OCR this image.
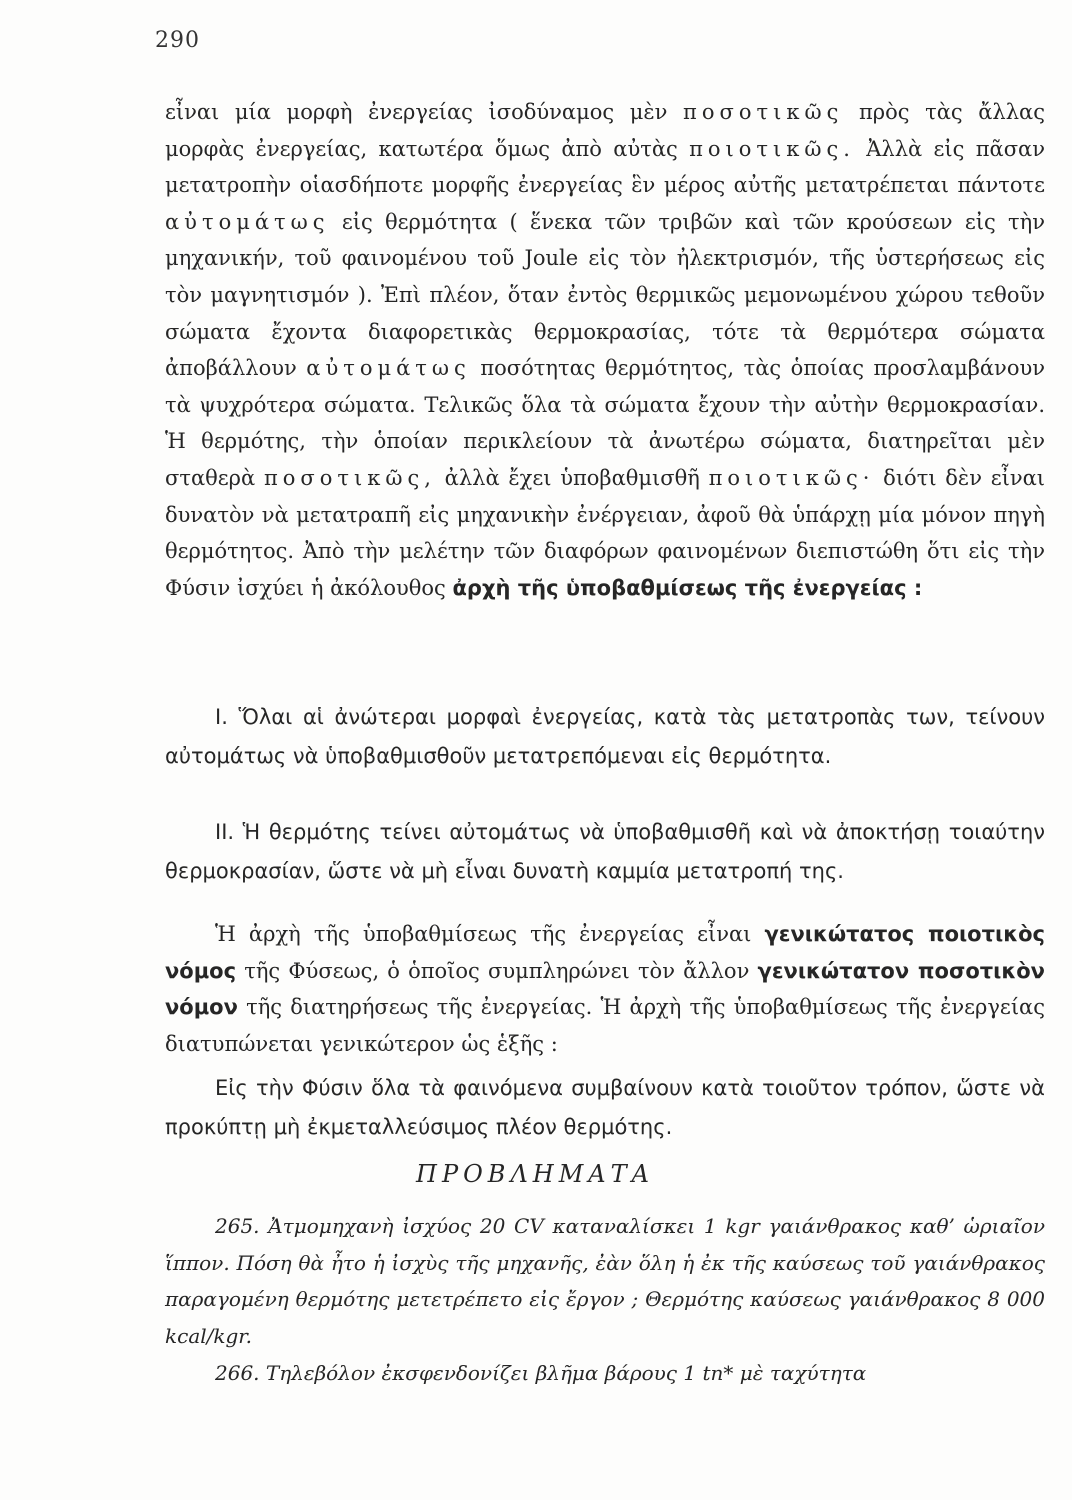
290

εἶναι μία μορφὴ ἐνεργείας ἰσοδύναμος μὲν ποσοτικῶς πρὸς τὰς ἄλλας μορφὰς ἐνεργείας, κατωτέρα ὅμως ἀπὸ αὐτὰς ποιοτικῶς. Ἀλλὰ εἰς πᾶσαν μετατροπὴν οἱασδήποτε μορφῆς ἐνεργείας ἓν μέρος αὐτῆς μετατρέπεται πάντοτε αὐτομάτως εἰς θερμότητα ( ἕνεκα τῶν τριβῶν καὶ τῶν κρούσεων εἰς τὴν μηχανικήν, τοῦ φαινομένου τοῦ Joule εἰς τὸν ἠλεκτρισμόν, τῆς ὑστερήσεως εἰς τὸν μαγνητισμόν ). Ἐπὶ πλέον, ὅταν ἐντὸς θερμικῶς μεμονωμένου χώρου τεθοῦν σώματα ἔχοντα διαφορετικὰς θερμοκρασίας, τότε τὰ θερμότερα σώματα ἀποβάλλουν αὐτομάτως ποσότητας θερμότητος, τὰς ὁποίας προσλαμβάνουν τὰ ψυχρότερα σώματα. Τελικῶς ὅλα τὰ σώματα ἔχουν τὴν αὐτὴν θερμοκρασίαν. Ἡ θερμότης, τὴν ὁποίαν περικλείουν τὰ ἀνωτέρω σώματα, διατηρεῖται μὲν σταθερὰ ποσοτικῶς, ἀλλὰ ἔχει ὑποβαθμισθῆ ποιοτικῶς· διότι δὲν εἶναι δυνατὸν νὰ μετατραπῆ εἰς μηχανικὴν ἐνέργειαν, ἀφοῦ θὰ ὑπάρχῃ μία μόνον πηγὴ θερμότητος. Ἀπὸ τὴν μελέτην τῶν διαφόρων φαινομένων διεπιστώθη ὅτι εἰς τὴν Φύσιν ἰσχύει ἡ ἀκόλουθος ἀρχὴ τῆς ὑποβαθμίσεως τῆς ἐνεργείας :

I. Ὅλαι αἱ ἀνώτεραι μορφαὶ ἐνεργείας, κατὰ τὰς μετατροπὰς των, τείνουν αὐτομάτως νὰ ὑποβαθμισθοῦν μετατρεπόμεναι εἰς θερμότητα.

II. Ἡ θερμότης τείνει αὐτομάτως νὰ ὑποβαθμισθῆ καὶ νὰ ἀποκτήσῃ τοιαύτην θερμοκρασίαν, ὥστε νὰ μὴ εἶναι δυνατὴ καμμία μετατροπή της.

Ἡ ἀρχὴ τῆς ὑποβαθμίσεως τῆς ἐνεργείας εἶναι γενικώτατος ποιοτικὸς νόμος τῆς Φύσεως, ὁ ὁποῖος συμπληρώνει τὸν ἄλλον γενικώτατον ποσοτικὸν νόμον τῆς διατηρήσεως τῆς ἐνεργείας. Ἡ ἀρχὴ τῆς ὑποβαθμίσεως τῆς ἐνεργείας διατυπώνεται γενικώτερον ὡς ἑξῆς :

Εἰς τὴν Φύσιν ὅλα τὰ φαινόμενα συμβαίνουν κατὰ τοιοῦτον τρόπον, ὥστε νὰ προκύπτῃ μὴ ἐκμεταλλεύσιμος πλέον θερμότης.

ΠΡΟΒΛΗΜΑΤΑ

265. Ἀτμομηχανὴ ἰσχύος 20 CV καταναλίσκει 1 kgr γαιάνθρακος καθ’ ὡριαῖον ἵππον. Πόση θὰ ἦτο ἡ ἰσχὺς τῆς μηχανῆς, ἐὰν ὅλη ἡ ἐκ τῆς καύσεως τοῦ γαιάνθρακος παραγομένη θερμότης μετετρέπετο εἰς ἔργον ; Θερμότης καύσεως γαιάνθρακος 8 000 kcal/kgr.

266. Τηλεβόλον ἐκσφενδονίζει βλῆμα βάρους 1 tn* μὲ ταχύτητα
